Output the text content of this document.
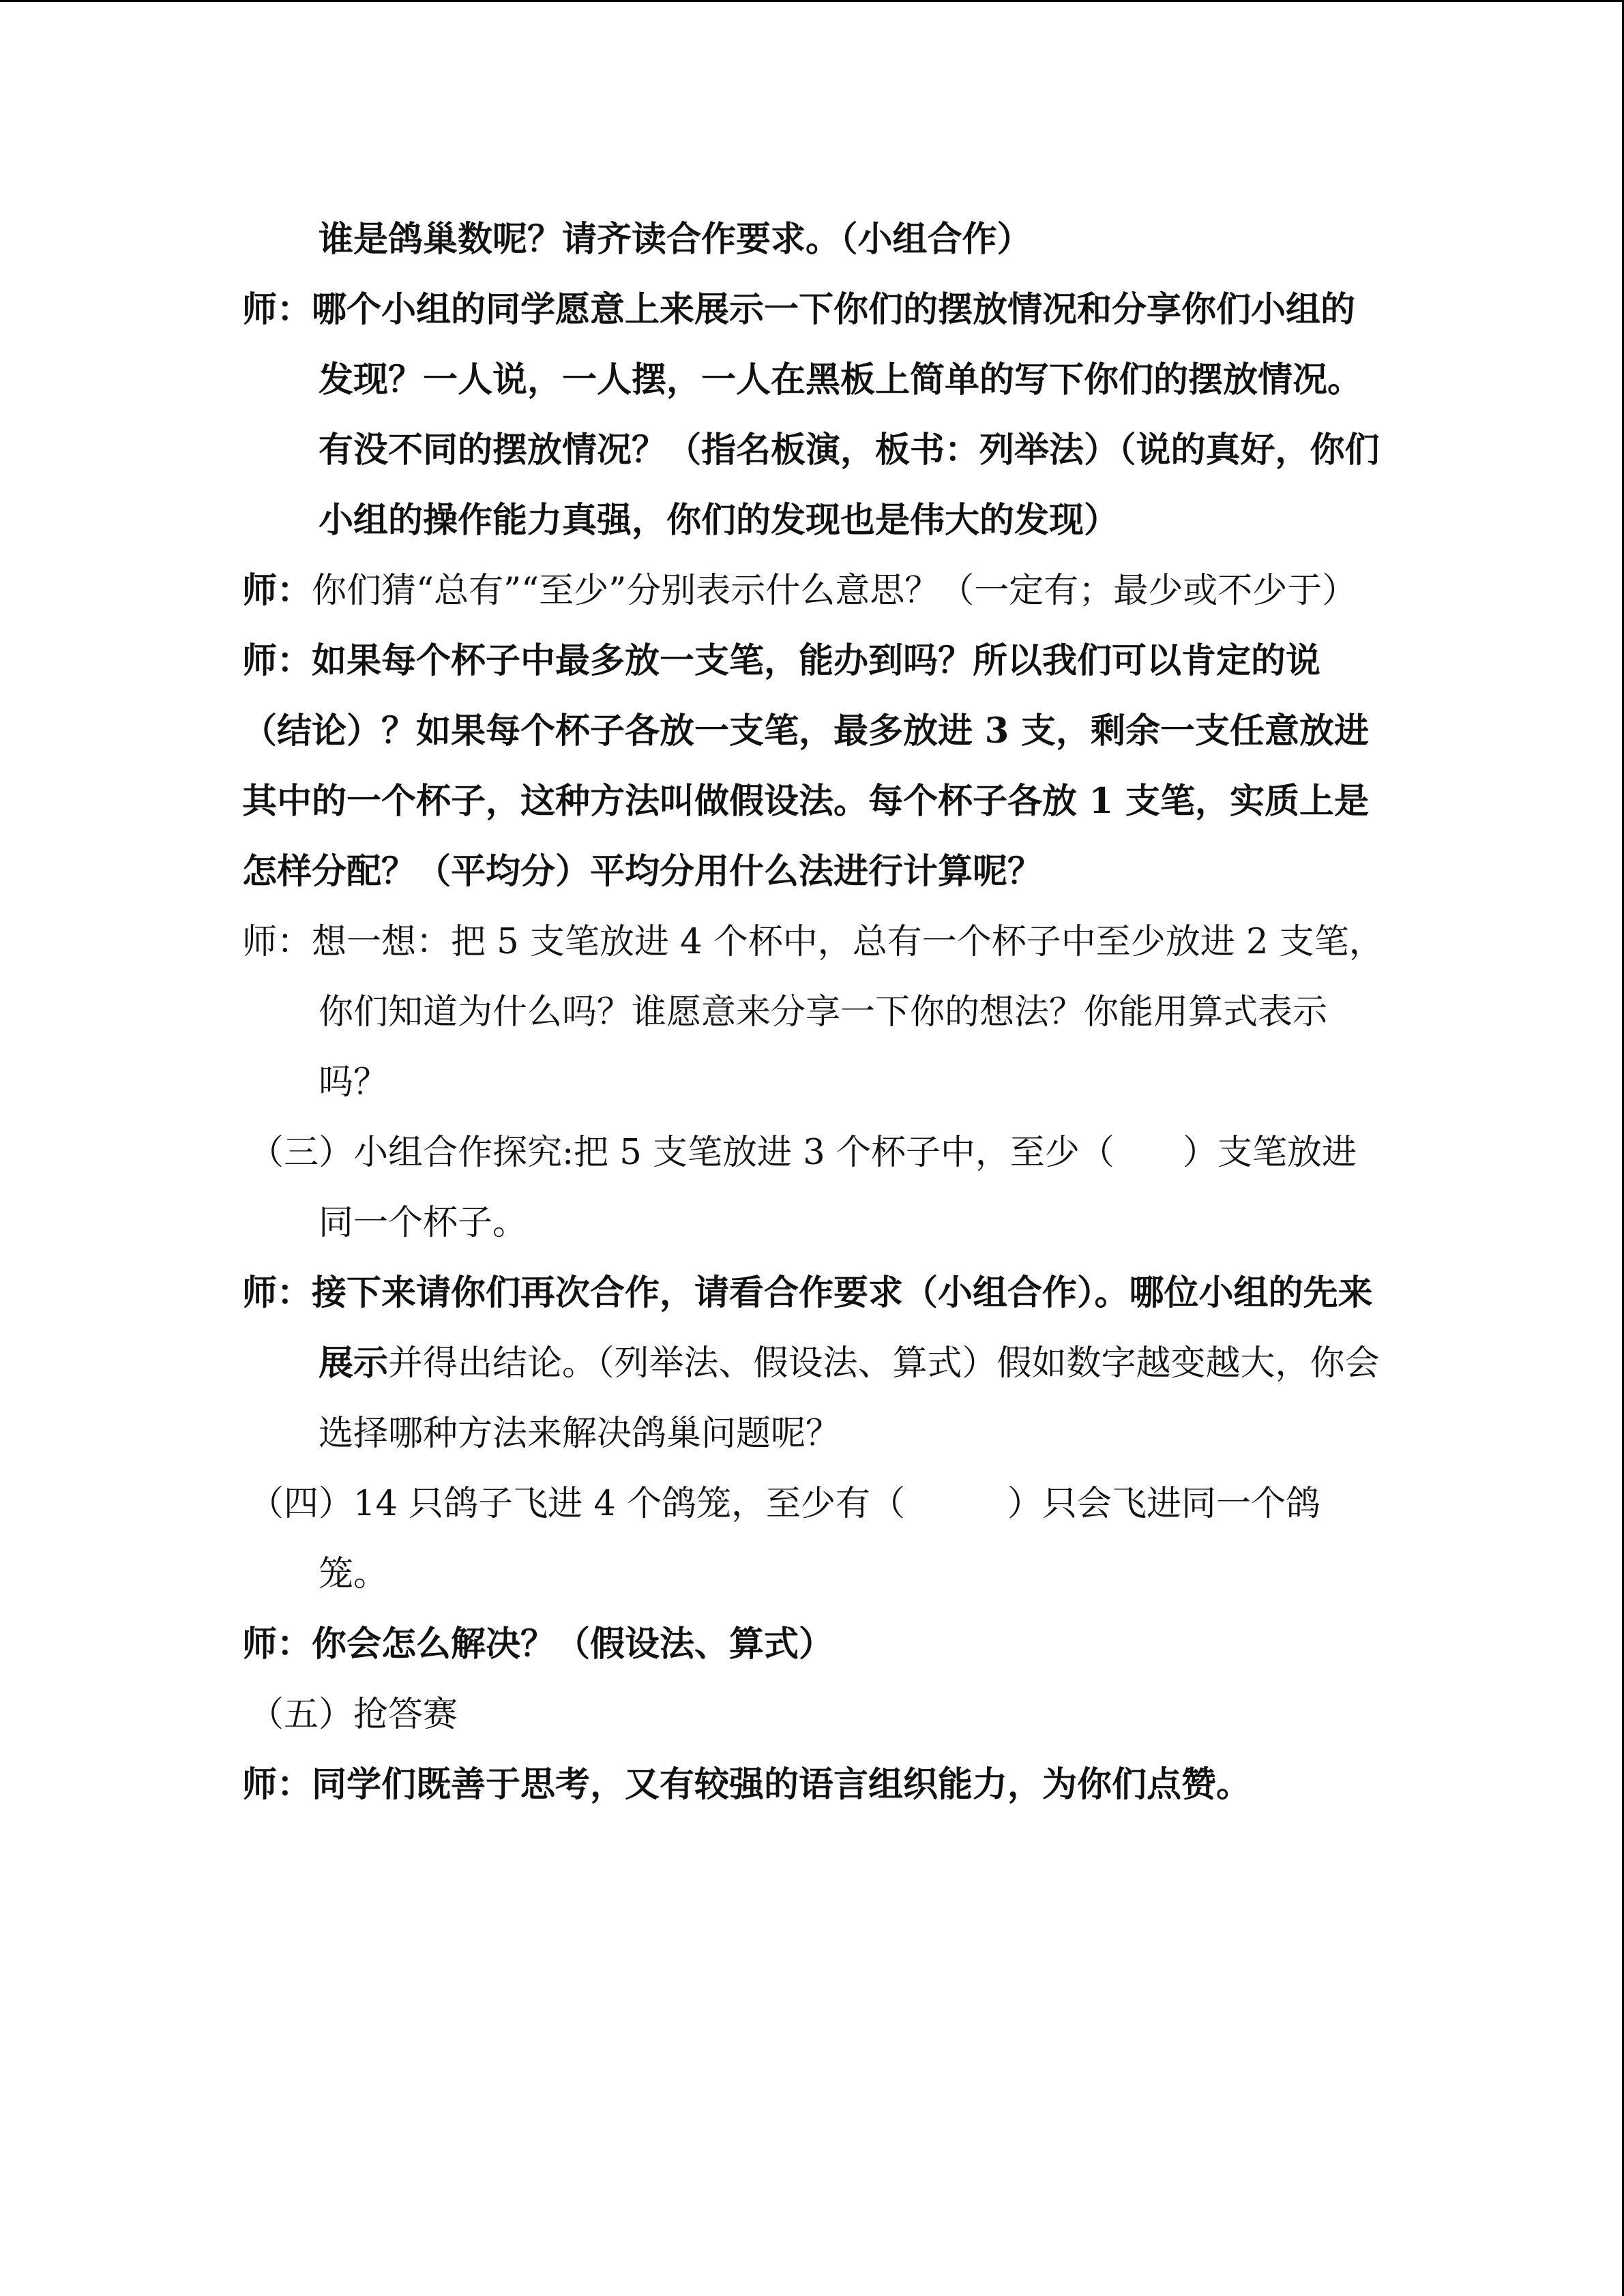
谁是鸽巢数呢？请齐读合作要求。（小组合作）

师：哪个小组的同学愿意上来展示一下你们的摆放情况和分享你们小组的发现？一人说，一人摆，一人在黑板上简单的写下你们的摆放情况。有没不同的摆放情况？（指名板演，板书：列举法）（说的真好，你们小组的操作能力真强，你们的发现也是伟大的发现）

师：你们猜“总有”“至少”分别表示什么意思？（一定有；最少或不少于）

师：如果每个杯子中最多放一支笔，能办到吗？所以我们可以肯定的说（结论）？如果每个杯子各放一支笔，最多放进 3 支，剩余一支任意放进其中的一个杯子，这种方法叫做假设法。每个杯子各放 1 支笔，实质上是怎样分配？（平均分）平均分用什么法进行计算呢？

师：想一想：把 5 支笔放进 4 个杯中，总有一个杯子中至少放进 2 支笔，你们知道为什么吗？谁愿意来分享一下你的想法？你能用算式表示吗？

（三）小组合作探究:把 5 支笔放进 3 个杯子中，至少（ ）支笔放进同一个杯子。

师：接下来请你们再次合作，请看合作要求（小组合作）。哪位小组的先来展示并得出结论。（列举法、假设法、算式）假如数字越变越大，你会选择哪种方法来解决鸽巢问题呢？

（四）14 只鸽子飞进 4 个鸽笼，至少有（	）只会飞进同一个鸽笼。

师：你会怎么解决？（假设法、算式）

（五）抢答赛

师：同学们既善于思考，又有较强的语言组织能力，为你们点赞。
